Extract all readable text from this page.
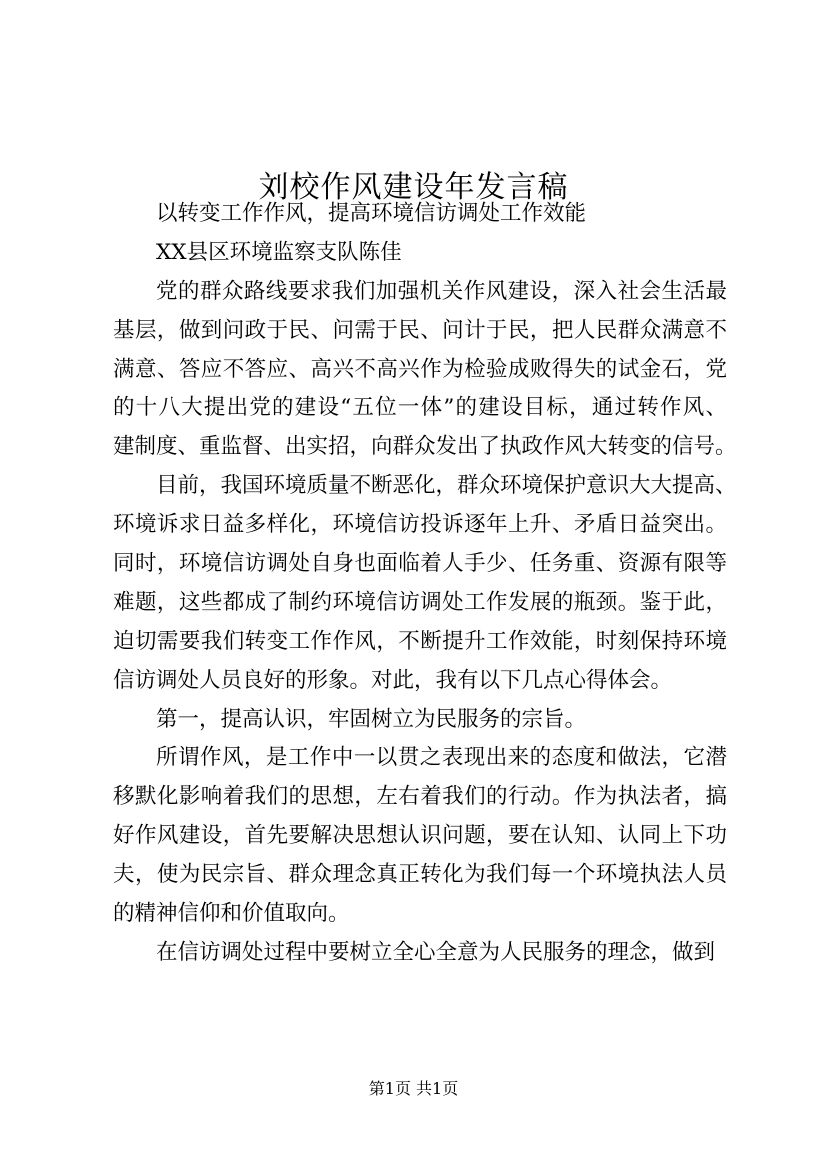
刘校作风建设年发言稿
以转变工作作风，提高环境信访调处工作效能
XX县区环境监察支队陈佳
党的群众路线要求我们加强机关作风建设，深入社会生活最
基层，做到问政于民、问需于民、问计于民，把人民群众满意不
满意、答应不答应、高兴不高兴作为检验成败得失的试金石，党
的十八大提出党的建设“五位一体”的建设目标，通过转作风、
建制度、重监督、出实招，向群众发出了执政作风大转变的信号。
目前，我国环境质量不断恶化，群众环境保护意识大大提高、
环境诉求日益多样化，环境信访投诉逐年上升、矛盾日益突出。
同时，环境信访调处自身也面临着人手少、任务重、资源有限等
难题，这些都成了制约环境信访调处工作发展的瓶颈。鉴于此，
迫切需要我们转变工作作风，不断提升工作效能，时刻保持环境
信访调处人员良好的形象。对此，我有以下几点心得体会。
第一，提高认识，牢固树立为民服务的宗旨。
所谓作风，是工作中一以贯之表现出来的态度和做法，它潜
移默化影响着我们的思想，左右着我们的行动。作为执法者，搞
好作风建设，首先要解决思想认识问题，要在认知、认同上下功
夫，使为民宗旨、群众理念真正转化为我们每一个环境执法人员
的精神信仰和价值取向。
在信访调处过程中要树立全心全意为人民服务的理念，做到
第1页 共1页
